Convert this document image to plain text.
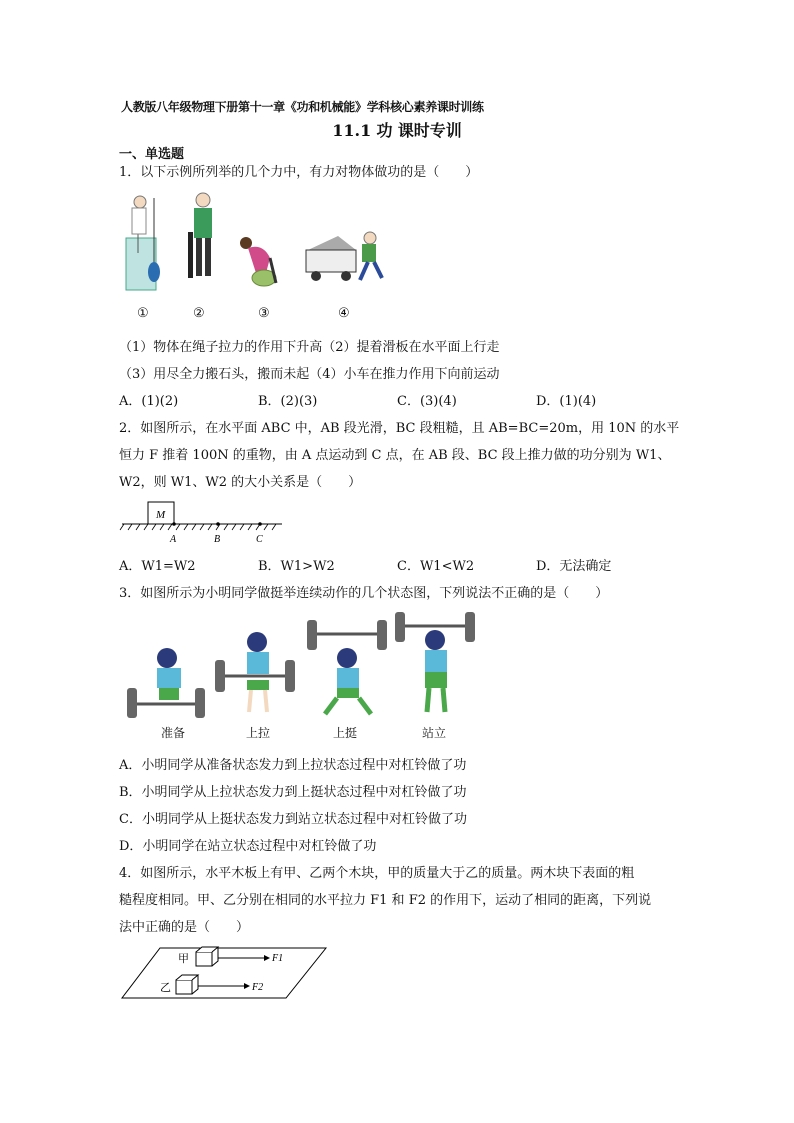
人教版八年级物理下册第十一章《功和机械能》学科核心素养课时训练
11.1 功 课时专训
一、单选题
1．以下示例所列举的几个力中，有力对物体做功的是（　　）
①	②	③	④
（1）物体在绳子拉力的作用下升高（2）提着滑板在水平面上行走
（3）用尽全力搬石头，搬而未起（4）小车在推力作用下向前运动
A．(1)(2)	B．(2)(3)	C．(3)(4)	D．(1)(4)
2．如图所示，在水平面 ABC 中，AB 段光滑，BC 段粗糙，且 AB=BC=20m，用 10N 的水平
恒力 F 推着 100N 的重物，由 A 点运动到 C 点，在 AB 段、BC 段上推力做的功分别为 W1、
W2，则 W1、W2 的大小关系是（　　）
M
A	B	C
A．W1=W2	B．W1>W2	C．W1<W2	D．无法确定
3．如图所示为小明同学做挺举连续动作的几个状态图，下列说法不正确的是（　　）
准备	上拉	上挺	站立
A．小明同学从准备状态发力到上拉状态过程中对杠铃做了功
B．小明同学从上拉状态发力到上挺状态过程中对杠铃做了功
C．小明同学从上挺状态发力到站立状态过程中对杠铃做了功
D．小明同学在站立状态过程中对杠铃做了功
4．如图所示，水平木板上有甲、乙两个木块，甲的质量大于乙的质量。两木块下表面的粗
糙程度相同。甲、乙分别在相同的水平拉力 F1 和 F2 的作用下，运动了相同的距离，下列说
法中正确的是（　　）
甲	F1
乙	F2
